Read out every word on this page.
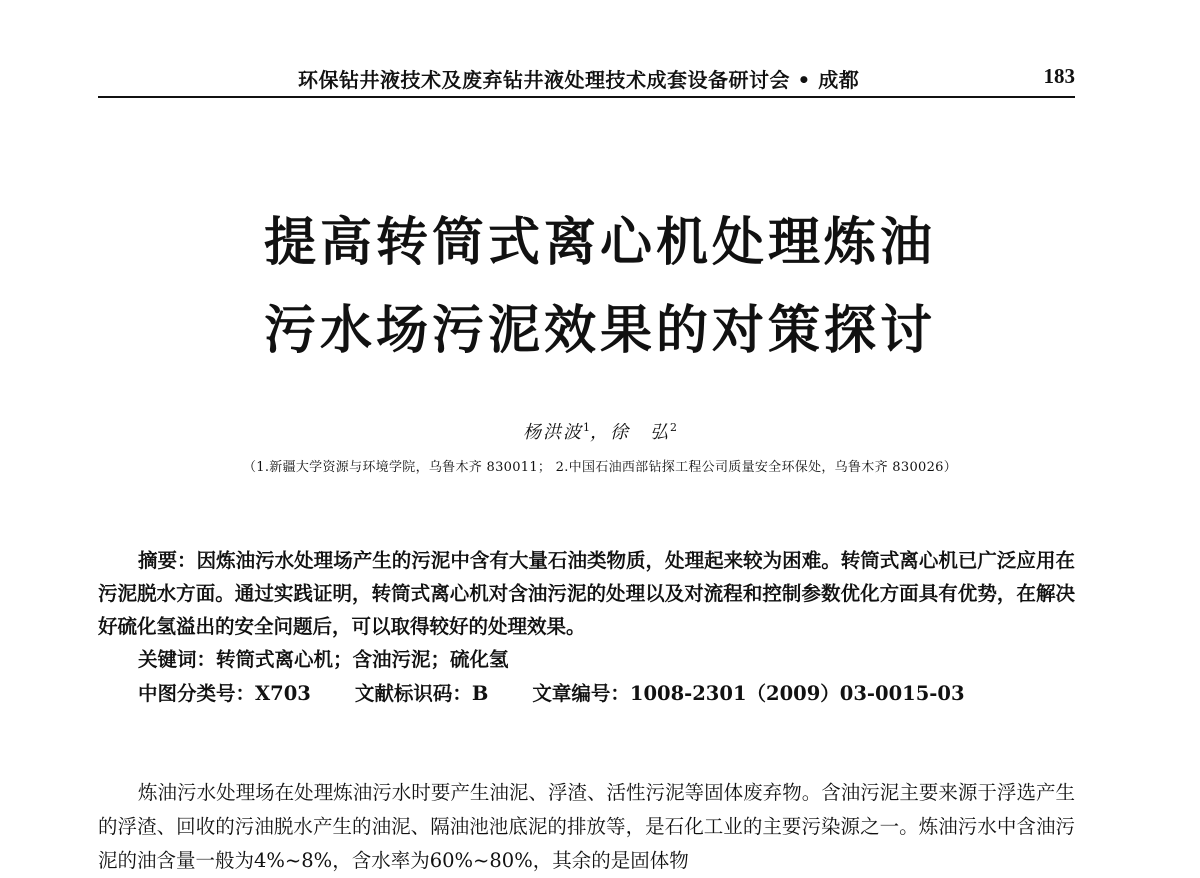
环保钻井液技术及废弃钻井液处理技术成套设备研讨会 • 成都	183
提高转筒式离心机处理炼油
污水场污泥效果的对策探讨
杨洪波$^1$，徐　弘$^2$
（1.新疆大学资源与环境学院，乌鲁木齐 830011； 2.中国石油西部钻探工程公司质量安全环保处，乌鲁木齐 830026）
摘要：因炼油污水处理场产生的污泥中含有大量石油类物质，处理起来较为困难。转筒式离心机已广泛应用在污泥脱水方面。通过实践证明，转筒式离心机对含油污泥的处理以及对流程和控制参数优化方面具有优势，在解决好硫化氢溢出的安全问题后，可以取得较好的处理效果。
关键词：转筒式离心机；含油污泥；硫化氢
中图分类号：X703 文献标识码：B 文章编号：1008-2301（2009）03-0015-03
炼油污水处理场在处理炼油污水时要产生油泥、浮渣、活性污泥等固体废弃物。含油污泥主要来源于浮选产生的浮渣、回收的污油脱水产生的油泥、隔油池池底泥的排放等，是石化工业的主要污染源之一。炼油污水中含油污泥的油含量一般为4%~8%，含水率为60%~80%，其余的是固体物
